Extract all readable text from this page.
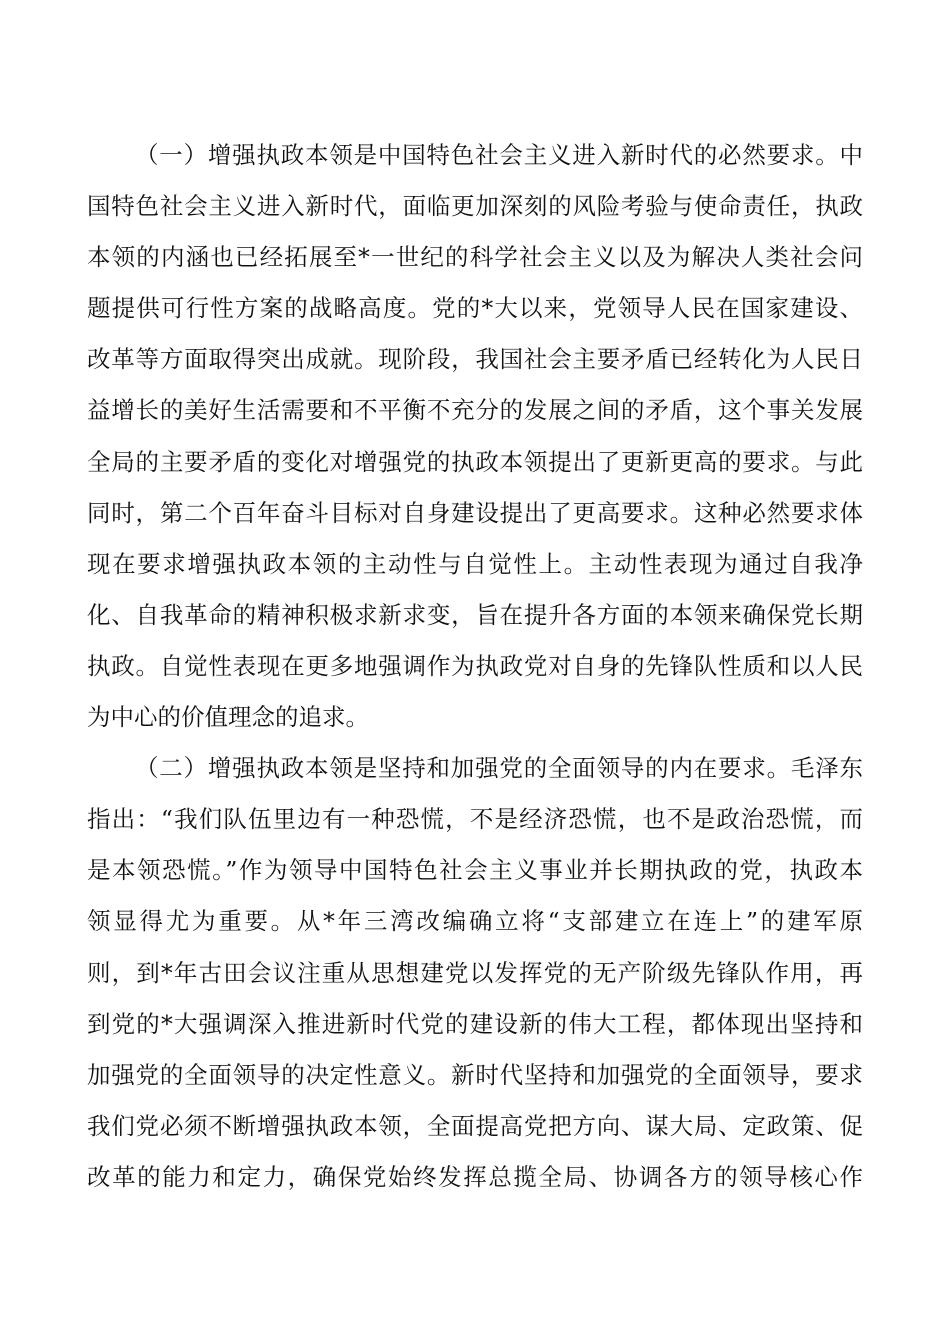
（一）增强执政本领是中国特色社会主义进入新时代的必然要求。中
国特色社会主义进入新时代，面临更加深刻的风险考验与使命责任，执政
本领的内涵也已经拓展至*一世纪的科学社会主义以及为解决人类社会问
题提供可行性方案的战略高度。党的*大以来，党领导人民在国家建设、
改革等方面取得突出成就。现阶段，我国社会主要矛盾已经转化为人民日
益增长的美好生活需要和不平衡不充分的发展之间的矛盾，这个事关发展
全局的主要矛盾的变化对增强党的执政本领提出了更新更高的要求。与此
同时，第二个百年奋斗目标对自身建设提出了更高要求。这种必然要求体
现在要求增强执政本领的主动性与自觉性上。主动性表现为通过自我净
化、自我革命的精神积极求新求变，旨在提升各方面的本领来确保党长期
执政。自觉性表现在更多地强调作为执政党对自身的先锋队性质和以人民
为中心的价值理念的追求。
（二）增强执政本领是坚持和加强党的全面领导的内在要求。毛泽东
指出：“我们队伍里边有一种恐慌，不是经济恐慌，也不是政治恐慌，而
是本领恐慌。”作为领导中国特色社会主义事业并长期执政的党，执政本
领显得尤为重要。从*年三湾改编确立将“支部建立在连上”的建军原
则，到*年古田会议注重从思想建党以发挥党的无产阶级先锋队作用，再
到党的*大强调深入推进新时代党的建设新的伟大工程，都体现出坚持和
加强党的全面领导的决定性意义。新时代坚持和加强党的全面领导，要求
我们党必须不断增强执政本领，全面提高党把方向、谋大局、定政策、促
改革的能力和定力，确保党始终发挥总揽全局、协调各方的领导核心作
